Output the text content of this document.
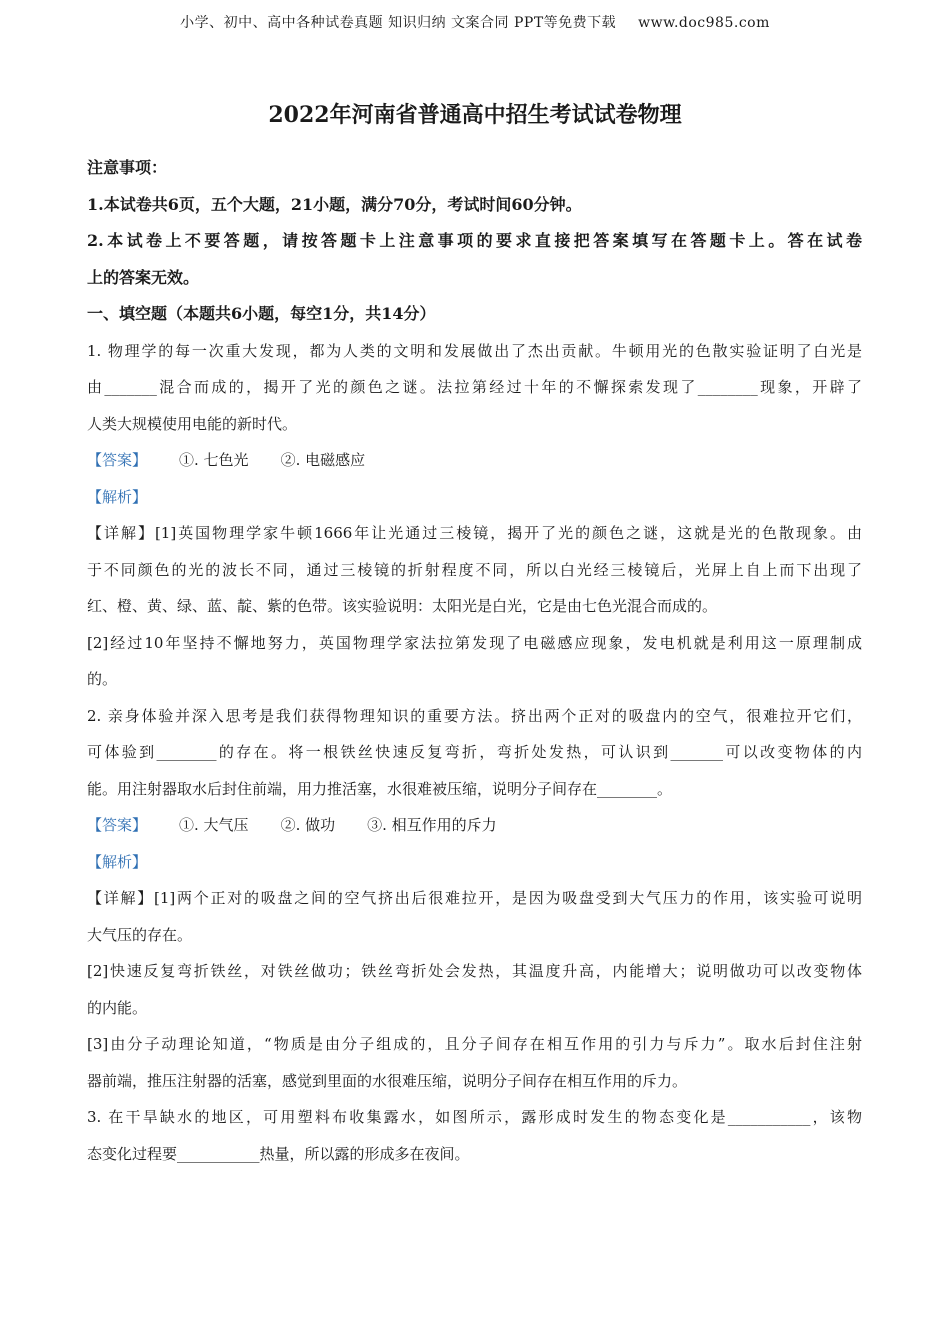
小学、初中、高中各种试卷真题 知识归纳 文案合同 PPT等免费下载 www.doc985.com
2022年河南省普通高中招生考试试卷物理
注意事项：
1.本试卷共6页，五个大题，21小题，满分70分，考试时间60分钟。
2.本试卷上不要答题，请按答题卡上注意事项的要求直接把答案填写在答题卡上。答在试卷
上的答案无效。
一、填空题（本题共6小题，每空1分，共14分）
1. 物理学的每一次重大发现，都为人类的文明和发展做出了杰出贡献。牛顿用光的色散实验证明了白光是
由_______混合而成的，揭开了光的颜色之谜。法拉第经过十年的不懈探索发现了________现象，开辟了
人类大规模使用电能的新时代。
【答案】 ①. 七色光 ②. 电磁感应
【解析】
【详解】[1]英国物理学家牛顿1666年让光通过三棱镜，揭开了光的颜色之谜，这就是光的色散现象。由
于不同颜色的光的波长不同，通过三棱镜的折射程度不同，所以白光经三棱镜后，光屏上自上而下出现了
红、橙、黄、绿、蓝、靛、紫的色带。该实验说明：太阳光是白光，它是由七色光混合而成的。
[2]经过10年坚持不懈地努力，英国物理学家法拉第发现了电磁感应现象，发电机就是利用这一原理制成
的。
2. 亲身体验并深入思考是我们获得物理知识的重要方法。挤出两个正对的吸盘内的空气，很难拉开它们，
可体验到________的存在。将一根铁丝快速反复弯折，弯折处发热，可认识到_______可以改变物体的内
能。用注射器取水后封住前端，用力推活塞，水很难被压缩，说明分子间存在________。
【答案】 ①. 大气压 ②. 做功 ③. 相互作用的斥力
【解析】
【详解】[1]两个正对的吸盘之间的空气挤出后很难拉开，是因为吸盘受到大气压力的作用，该实验可说明
大气压的存在。
[2]快速反复弯折铁丝，对铁丝做功；铁丝弯折处会发热，其温度升高，内能增大；说明做功可以改变物体
的内能。
[3]由分子动理论知道，“物质是由分子组成的，且分子间存在相互作用的引力与斥力”。取水后封住注射
器前端，推压注射器的活塞，感觉到里面的水很难压缩，说明分子间存在相互作用的斥力。
3. 在干旱缺水的地区，可用塑料布收集露水，如图所示，露形成时发生的物态变化是___________，该物
态变化过程要___________热量，所以露的形成多在夜间。
